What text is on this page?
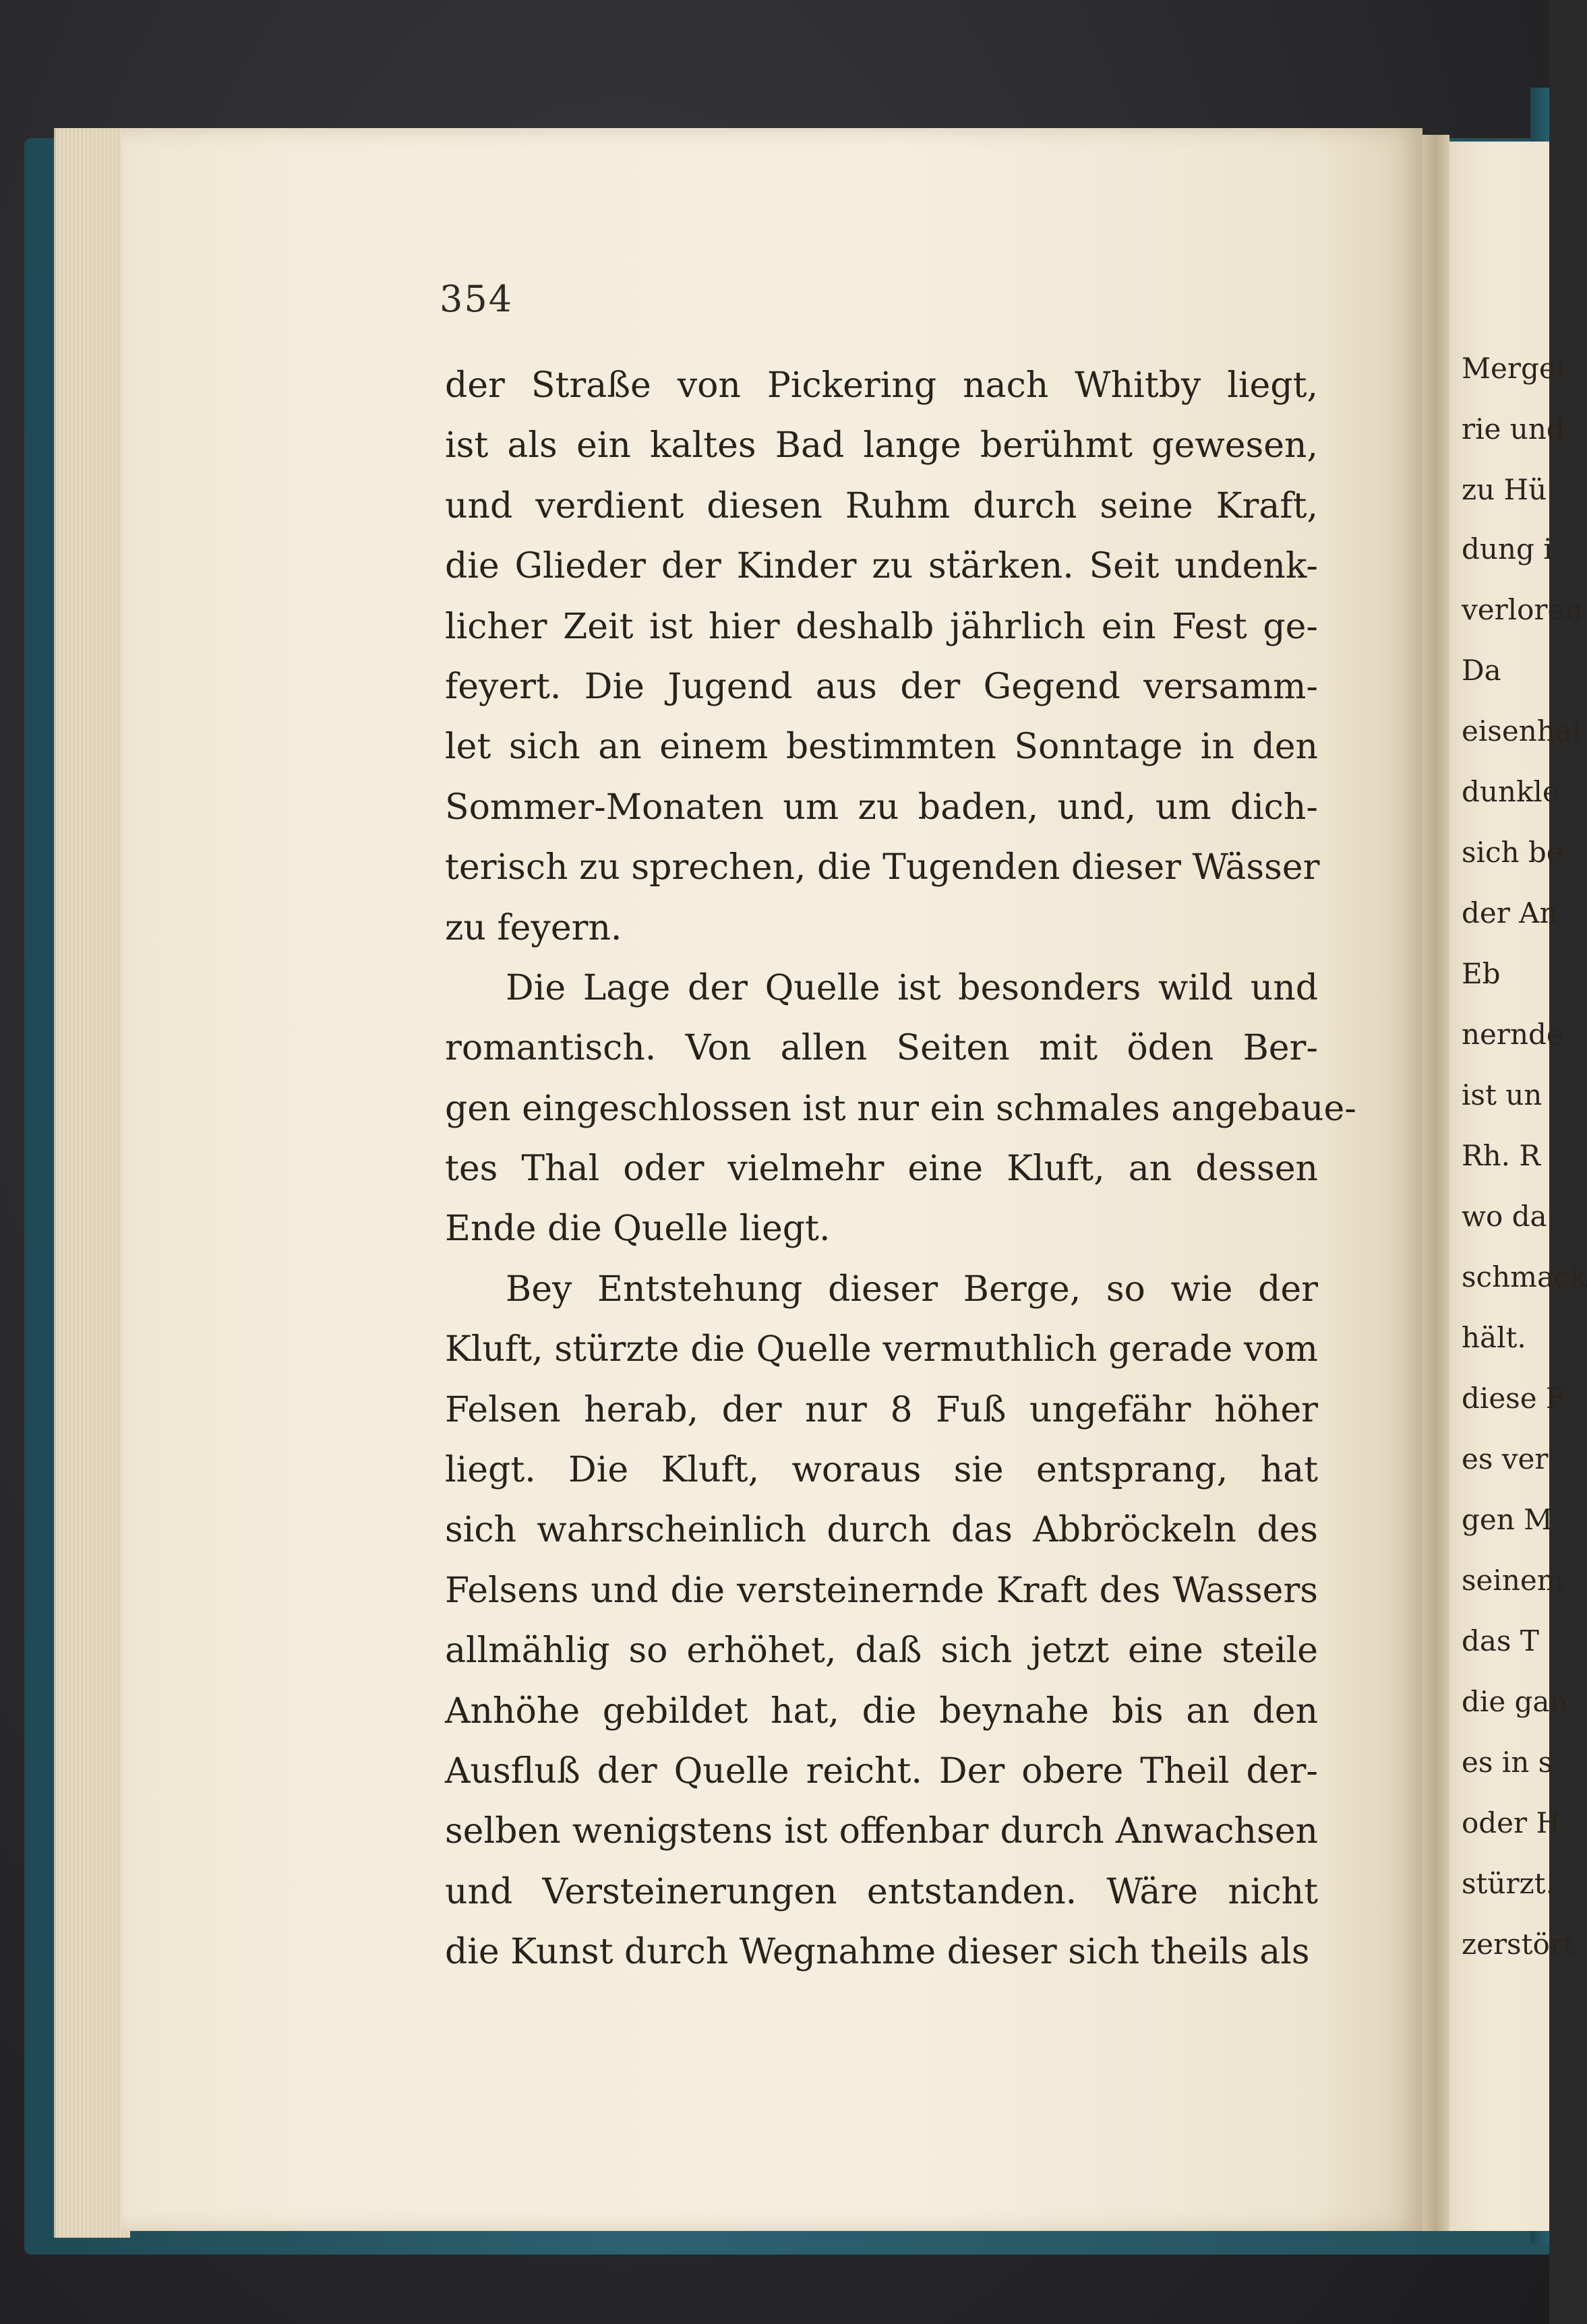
Mergel
rie und
zu Hü
dung i
verloren
Da
eisenhal
dunkle
sich be
der An
Eb
nernde
ist un
Rh. R
wo da
schmack
hält.
diese F
es ver
gen M
seinem
das T
die gan
es in s
oder H
stürzt.
zerstört
354
der Straße von Pickering nach Whitby liegt,
ist als ein kaltes Bad lange berühmt gewesen,
und verdient diesen Ruhm durch seine Kraft,
die Glieder der Kinder zu stärken. Seit undenk-
licher Zeit ist hier deshalb jährlich ein Fest ge-
feyert. Die Jugend aus der Gegend versamm-
let sich an einem bestimmten Sonntage in den
Sommer-Monaten um zu baden, und, um dich-
terisch zu sprechen, die Tugenden dieser Wässer
zu feyern.
Die Lage der Quelle ist besonders wild und
romantisch. Von allen Seiten mit öden Ber-
gen eingeschlossen ist nur ein schmales angebaue-
tes Thal oder vielmehr eine Kluft, an dessen
Ende die Quelle liegt.
Bey Entstehung dieser Berge, so wie der
Kluft, stürzte die Quelle vermuthlich gerade vom
Felsen herab, der nur 8 Fuß ungefähr höher
liegt. Die Kluft, woraus sie entsprang, hat
sich wahrscheinlich durch das Abbröckeln des
Felsens und die versteinernde Kraft des Wassers
allmählig so erhöhet, daß sich jetzt eine steile
Anhöhe gebildet hat, die beynahe bis an den
Ausfluß der Quelle reicht. Der obere Theil der-
selben wenigstens ist offenbar durch Anwachsen
und Versteinerungen entstanden. Wäre nicht
die Kunst durch Wegnahme dieser sich theils als
